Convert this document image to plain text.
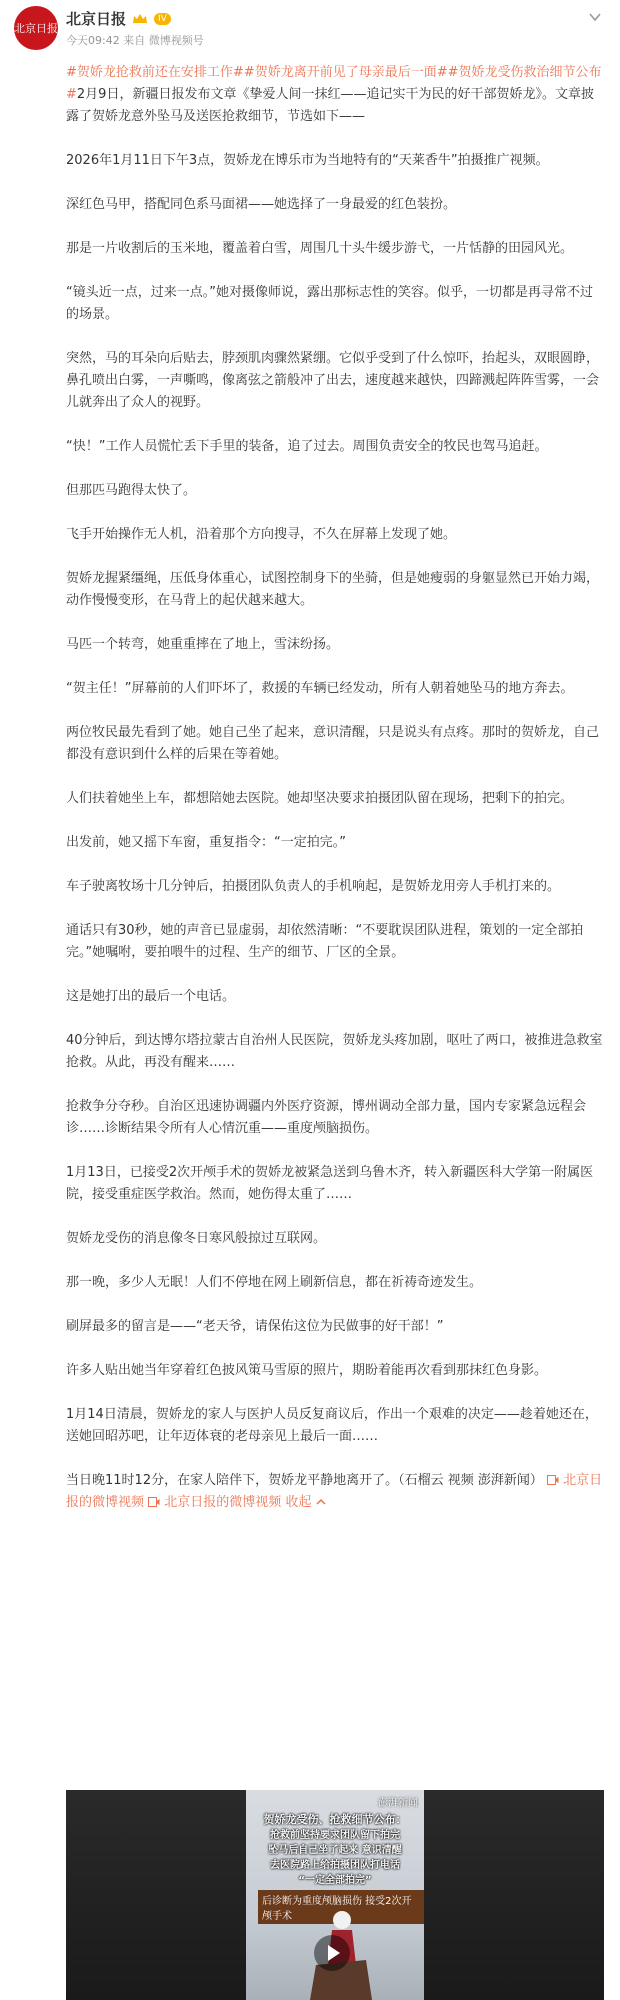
北京日报
北京日报	IV
今天09:42 来自 微博视频号

#贺娇龙抢救前还在安排工作##贺娇龙离开前见了母亲最后一面##贺娇龙受伤救治细节公布#2月9日，新疆日报发布文章《挚爱人间一抹红——追记实干为民的好干部贺娇龙》。文章披露了贺娇龙意外坠马及送医抢救细节，节选如下——

2026年1月11日下午3点，贺娇龙在博乐市为当地特有的“天莱香牛”拍摄推广视频。

深红色马甲，搭配同色系马面裙——她选择了一身最爱的红色装扮。

那是一片收割后的玉米地，覆盖着白雪，周围几十头牛缓步游弋，一片恬静的田园风光。

“镜头近一点，过来一点。”她对摄像师说，露出那标志性的笑容。似乎，一切都是再寻常不过的场景。

突然，马的耳朵向后贴去，脖颈肌肉骤然紧绷。它似乎受到了什么惊吓，抬起头，双眼圆睁，鼻孔喷出白雾，一声嘶鸣，像离弦之箭般冲了出去，速度越来越快，四蹄溅起阵阵雪雾，一会儿就奔出了众人的视野。

“快！”工作人员慌忙丢下手里的装备，追了过去。周围负责安全的牧民也驾马追赶。

但那匹马跑得太快了。

飞手开始操作无人机，沿着那个方向搜寻，不久在屏幕上发现了她。

贺娇龙握紧缰绳，压低身体重心，试图控制身下的坐骑，但是她瘦弱的身躯显然已开始力竭，动作慢慢变形，在马背上的起伏越来越大。

马匹一个转弯，她重重摔在了地上，雪沫纷扬。

“贺主任！”屏幕前的人们吓坏了，救援的车辆已经发动，所有人朝着她坠马的地方奔去。

两位牧民最先看到了她。她自己坐了起来，意识清醒，只是说头有点疼。那时的贺娇龙，自己都没有意识到什么样的后果在等着她。

人们扶着她坐上车，都想陪她去医院。她却坚决要求拍摄团队留在现场，把剩下的拍完。

出发前，她又摇下车窗，重复指令：“一定拍完。”

车子驶离牧场十几分钟后，拍摄团队负责人的手机响起，是贺娇龙用旁人手机打来的。

通话只有30秒，她的声音已显虚弱，却依然清晰：“不要耽误团队进程，策划的一定全部拍完。”她嘱咐，要拍喂牛的过程、生产的细节、厂区的全景。

这是她打出的最后一个电话。

40分钟后，到达博尔塔拉蒙古自治州人民医院，贺娇龙头疼加剧，呕吐了两口，被推进急救室抢救。从此，再没有醒来……

抢救争分夺秒。自治区迅速协调疆内外医疗资源，博州调动全部力量，国内专家紧急远程会诊……诊断结果令所有人心情沉重——重度颅脑损伤。

1月13日，已接受2次开颅手术的贺娇龙被紧急送到乌鲁木齐，转入新疆医科大学第一附属医院，接受重症医学救治。然而，她伤得太重了……

贺娇龙受伤的消息像冬日寒风般掠过互联网。

那一晚，多少人无眠！人们不停地在网上刷新信息，都在祈祷奇迹发生。

刷屏最多的留言是——“老天爷，请保佑这位为民做事的好干部！”

许多人贴出她当年穿着红色披风策马雪原的照片，期盼着能再次看到那抹红色身影。

1月14日清晨，贺娇龙的家人与医护人员反复商议后，作出一个艰难的决定——趁着她还在，送她回昭苏吧，让年迈体衰的老母亲见上最后一面……

当日晚11时12分，在家人陪伴下，贺娇龙平静地离开了。（石榴云 视频 澎湃新闻） 北京日报的微博视频 北京日报的微博视频 收起

澎湃新闻
贺娇龙受伤、抢救细节公布：
抢救前坚持要求团队留下拍完
坠马后自己坐了起来 意识清醒
去医院路上给拍摄团队打电话
“一定全部拍完”
后诊断为重度颅脑损伤 接受2次开颅手术
